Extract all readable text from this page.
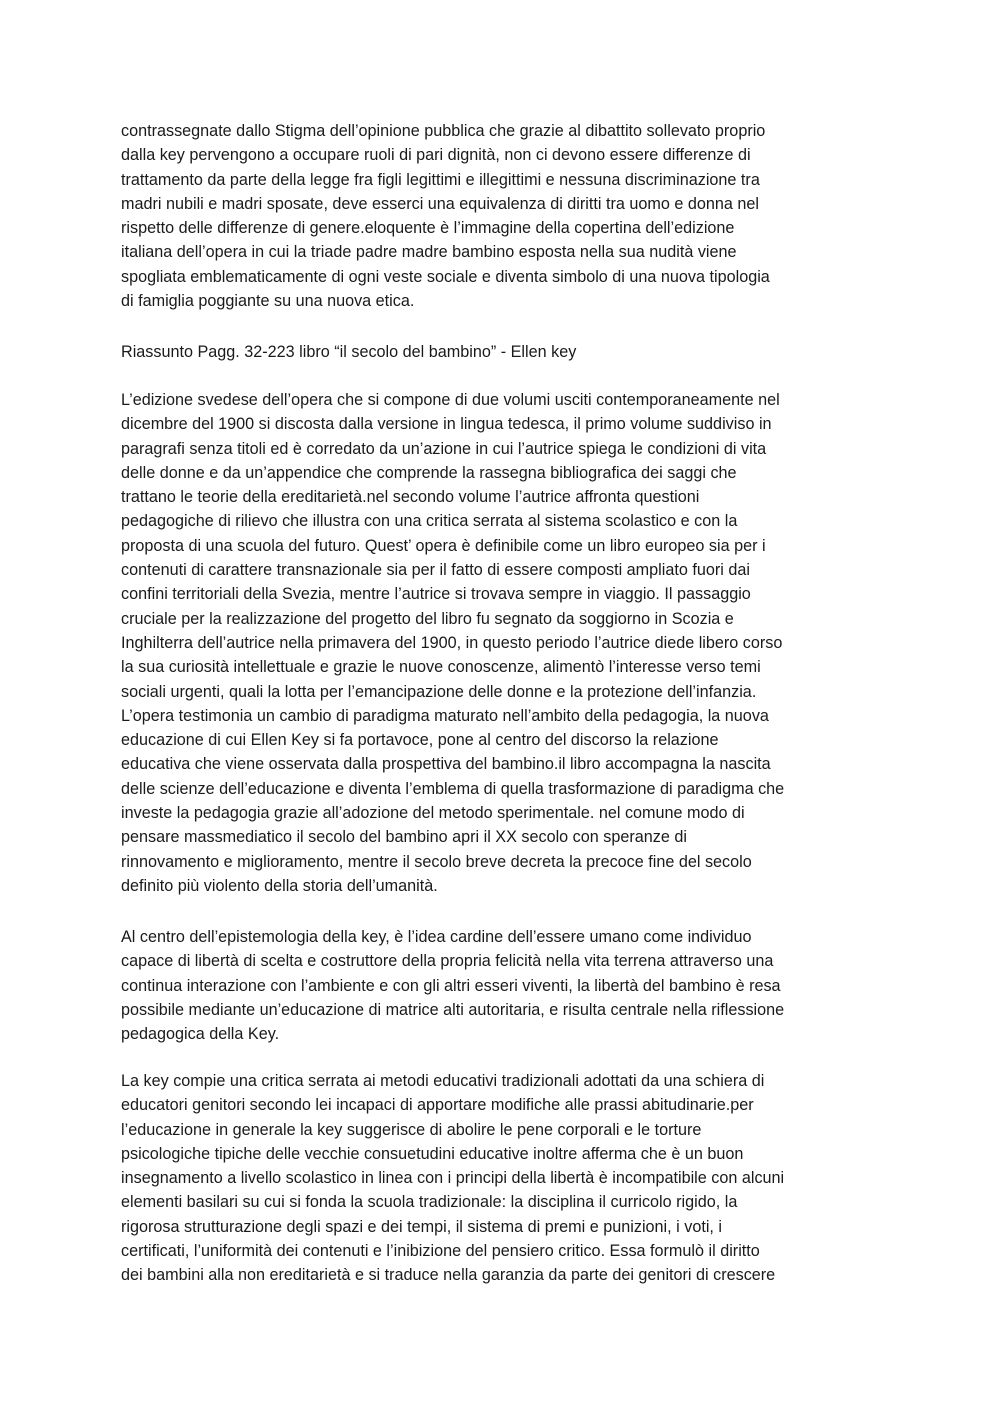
contrassegnate dallo Stigma dell’opinione pubblica che grazie al dibattito sollevato proprio
dalla key pervengono a occupare ruoli di pari dignità, non ci devono essere differenze di
trattamento da parte della legge fra figli legittimi e illegittimi e nessuna discriminazione tra
madri nubili e madri sposate, deve esserci una equivalenza di diritti tra uomo e donna nel
rispetto delle differenze di genere.eloquente è l’immagine della copertina dell’edizione
italiana dell’opera in cui la triade padre madre bambino esposta nella sua nudità viene
spogliata emblematicamente di ogni veste sociale e diventa simbolo di una nuova tipologia
di famiglia poggiante su una nuova etica.
Riassunto Pagg. 32-223 libro “il secolo del bambino” - Ellen key
L’edizione svedese dell’opera che si compone di due volumi usciti contemporaneamente nel
dicembre del 1900 si discosta dalla versione in lingua tedesca, il primo volume suddiviso in
paragrafi senza titoli ed è corredato da un’azione in cui l’autrice spiega le condizioni di vita
delle donne e da un’appendice che comprende la rassegna bibliografica dei saggi che
trattano le teorie della ereditarietà.nel secondo volume l’autrice affronta questioni
pedagogiche di rilievo che illustra con una critica serrata al sistema scolastico e con la
proposta di una scuola del futuro. Quest’ opera è definibile come un libro europeo sia per i
contenuti di carattere transnazionale sia per il fatto di essere composti ampliato fuori dai
confini territoriali della Svezia, mentre l’autrice si trovava sempre in viaggio. Il passaggio
cruciale per la realizzazione del progetto del libro fu segnato da soggiorno in Scozia e
Inghilterra dell’autrice nella primavera del 1900, in questo periodo l’autrice diede libero corso
la sua curiosità intellettuale e grazie le nuove conoscenze, alimentò l’interesse verso temi
sociali urgenti, quali la lotta per l’emancipazione delle donne e la protezione dell’infanzia.
L’opera testimonia un cambio di paradigma maturato nell’ambito della pedagogia, la nuova
educazione di cui Ellen Key si fa portavoce, pone al centro del discorso la relazione
educativa che viene osservata dalla prospettiva del bambino.il libro accompagna la nascita
delle scienze dell’educazione e diventa l’emblema di quella trasformazione di paradigma che
investe la pedagogia grazie all’adozione del metodo sperimentale. nel comune modo di
pensare massmediatico il secolo del bambino apri il XX secolo con speranze di
rinnovamento e miglioramento, mentre il secolo breve decreta la precoce fine del secolo
definito più violento della storia dell’umanità.
Al centro dell’epistemologia della key, è l’idea cardine dell’essere umano come individuo
capace di libertà di scelta e costruttore della propria felicità nella vita terrena attraverso una
continua interazione con l’ambiente e con gli altri esseri viventi, la libertà del bambino è resa
possibile mediante un’educazione di matrice alti autoritaria, e risulta centrale nella riflessione
pedagogica della Key.
La key compie una critica serrata ai metodi educativi tradizionali adottati da una schiera di
educatori genitori secondo lei incapaci di apportare modifiche alle prassi abitudinarie.per
l’educazione in generale la key suggerisce di abolire le pene corporali e le torture
psicologiche tipiche delle vecchie consuetudini educative inoltre afferma che è un buon
insegnamento a livello scolastico in linea con i principi della libertà è incompatibile con alcuni
elementi basilari su cui si fonda la scuola tradizionale: la disciplina il curricolo rigido, la
rigorosa strutturazione degli spazi e dei tempi, il sistema di premi e punizioni, i voti, i
certificati, l’uniformità dei contenuti e l’inibizione del pensiero critico. Essa formulò il diritto
dei bambini alla non ereditarietà e si traduce nella garanzia da parte dei genitori di crescere
